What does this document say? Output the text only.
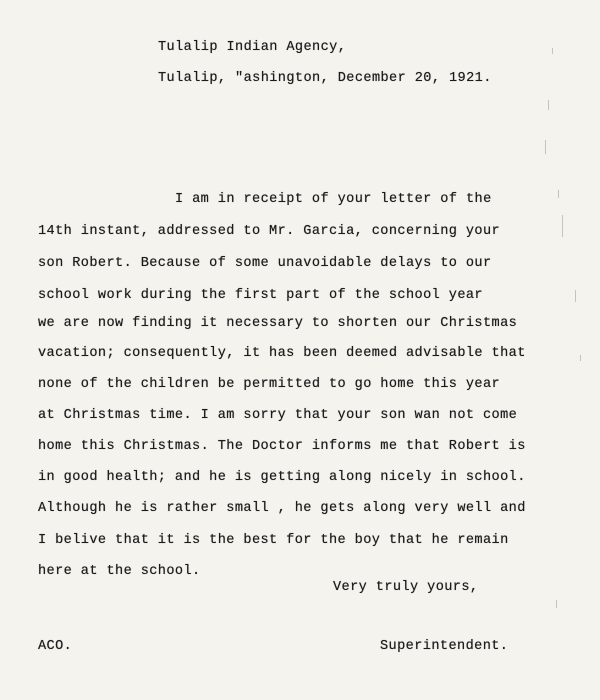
Tulalip Indian Agency,
Tulalip, "ashington, December 20, 1921.
I am in receipt of your letter of the
14th instant, addressed to Mr. Garcia, concerning your
son Robert. Because of some unavoidable delays to our
school work during the first part of the school year
we are now finding it necessary to shorten our Christmas
vacation; consequently, it has been deemed advisable that
none of the children be permitted to go home this year
at Christmas time. I am sorry that your son wan not come
home this Christmas. The Doctor informs me that Robert is
in good health; and he is getting along nicely in school.
Although he is rather small , he gets along very well and
I belive that it is the best for the boy that he remain
here at the school.
Very truly yours,
ACO.	Superintendent.
